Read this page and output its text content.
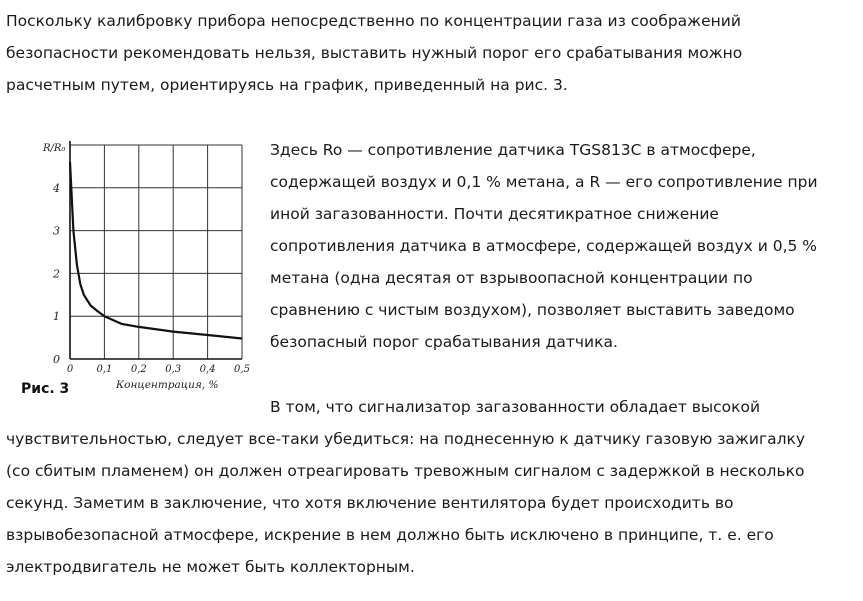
Поскольку калибровку прибора непосредственно по концентрации газа из соображений
безопасности рекомендовать нельзя, выставить нужный порог его срабатывания можно
расчетным путем, ориентируясь на график, приведенный на рис. 3.
0
1
2
3
4
0 0,1 0,2 0,3 0,4 0,5
R/R₀
Рис. 3	Концентрация, %
Здесь Ro — сопротивление датчика TGS813C в атмосфере,
содержащей воздух и 0,1 % метана, а R — его сопротивление при
иной загазованности. Почти десятикратное снижение
сопротивления датчика в атмосфере, содержащей воздух и 0,5 %
метана (одна десятая от взрывоопасной концентрации по
сравнению с чистым воздухом), позволяет выставить заведомо
безопасный порог срабатывания датчика.
В том, что сигнализатор загазованности обладает высокой
чувствительностью, следует все-таки убедиться: на поднесенную к датчику газовую зажигалку
(со сбитым пламенем) он должен отреагировать тревожным сигналом с задержкой в несколько
секунд. Заметим в заключение, что хотя включение вентилятора будет происходить во
взрывобезопасной атмосфере, искрение в нем должно быть исключено в принципе, т. е. его
электродвигатель не может быть коллекторным.
